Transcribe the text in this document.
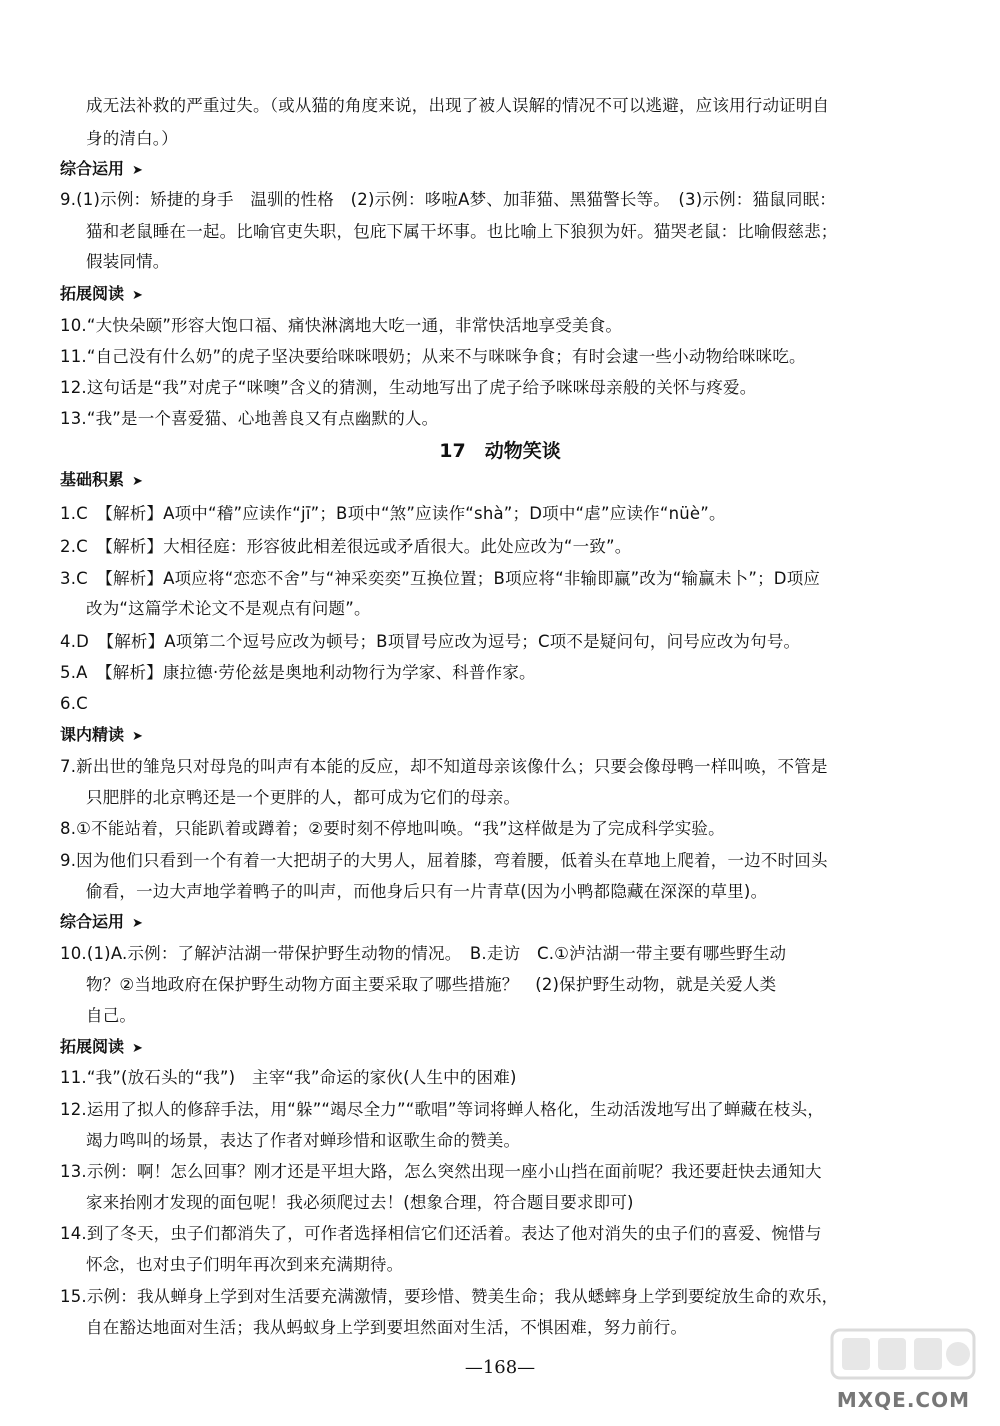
成无法补救的严重过失。（或从猫的角度来说，出现了被人误解的情况不可以逃避，应该用行动证明自
身的清白。）
综合运用 ➤
9.(1)示例：矫捷的身手　温驯的性格　(2)示例：哆啦A梦、加菲猫、黑猫警长等。　(3)示例：猫鼠同眠：
猫和老鼠睡在一起。比喻官吏失职，包庇下属干坏事。也比喻上下狼狈为奸。猫哭老鼠：比喻假慈悲；
假装同情。
拓展阅读 ➤
10.“大快朵颐”形容大饱口福、痛快淋漓地大吃一通，非常快活地享受美食。
11.“自己没有什么奶”的虎子坚决要给咪咪喂奶；从来不与咪咪争食；有时会逮一些小动物给咪咪吃。
12.这句话是“我”对虎子“咪噢”含义的猜测，生动地写出了虎子给予咪咪母亲般的关怀与疼爱。
13.“我”是一个喜爱猫、心地善良又有点幽默的人。
17　动物笑谈
基础积累 ➤
1.C　【解析】A项中“稽”应读作“jī”；B项中“煞”应读作“shà”；D项中“虐”应读作“nüè”。
2.C　【解析】大相径庭：形容彼此相差很远或矛盾很大。此处应改为“一致”。
3.C　【解析】A项应将“恋恋不舍”与“神采奕奕”互换位置；B项应将“非输即赢”改为“输赢未卜”；D项应
改为“这篇学术论文不是观点有问题”。
4.D　【解析】A项第二个逗号应改为顿号；B项冒号应改为逗号；C项不是疑问句，问号应改为句号。
5.A　【解析】康拉德·劳伦兹是奥地利动物行为学家、科普作家。
6.C
课内精读 ➤
7.新出世的雏凫只对母凫的叫声有本能的反应，却不知道母亲该像什么；只要会像母鸭一样叫唤，不管是
只肥胖的北京鸭还是一个更胖的人，都可成为它们的母亲。
8.①不能站着，只能趴着或蹲着；②要时刻不停地叫唤。“我”这样做是为了完成科学实验。
9.因为他们只看到一个有着一大把胡子的大男人，屈着膝，弯着腰，低着头在草地上爬着，一边不时回头
偷看，一边大声地学着鸭子的叫声，而他身后只有一片青草(因为小鸭都隐藏在深深的草里)。
综合运用 ➤
10.(1)A.示例：了解泸沽湖一带保护野生动物的情况。　B.走访　C.①泸沽湖一带主要有哪些野生动
物？②当地政府在保护野生动物方面主要采取了哪些措施？　(2)保护野生动物，就是关爱人类
自己。
拓展阅读 ➤
11.“我”(放石头的“我”)　主宰“我”命运的家伙(人生中的困难)
12.运用了拟人的修辞手法，用“躲”“竭尽全力”“歌唱”等词将蝉人格化，生动活泼地写出了蝉藏在枝头，
竭力鸣叫的场景，表达了作者对蝉珍惜和讴歌生命的赞美。
13.示例：啊！怎么回事？刚才还是平坦大路，怎么突然出现一座小山挡在面前呢？我还要赶快去通知大
家来抬刚才发现的面包呢！我必须爬过去！(想象合理，符合题目要求即可)
14.到了冬天，虫子们都消失了，可作者选择相信它们还活着。表达了他对消失的虫子们的喜爱、惋惜与
怀念，也对虫子们明年再次到来充满期待。
15.示例：我从蝉身上学到对生活要充满激情，要珍惜、赞美生命；我从蟋蟀身上学到要绽放生命的欢乐，
自在豁达地面对生活；我从蚂蚁身上学到要坦然面对生活，不惧困难，努力前行。
—168—
MXQE.COM
